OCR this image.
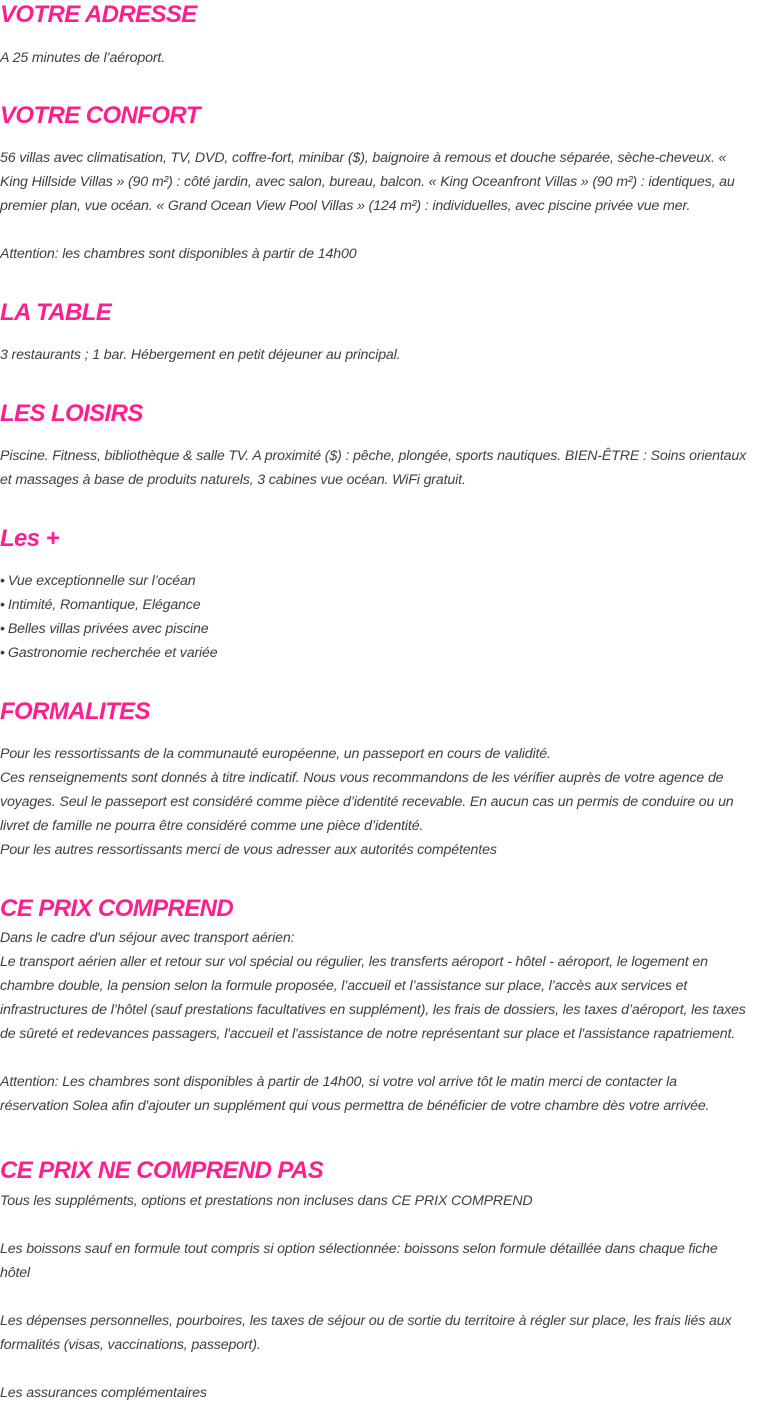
VOTRE ADRESSE

A 25 minutes de l’aéroport.

VOTRE CONFORT

56 villas avec climatisation, TV, DVD, coffre-fort, minibar ($), baignoire à remous et douche séparée, sèche-cheveux. «

King Hillside Villas » (90 m²) : côté jardin, avec salon, bureau, balcon. « King Oceanfront Villas » (90 m²) : identiques, au

premier plan, vue océan. « Grand Ocean View Pool Villas » (124 m²) : individuelles, avec piscine privée vue mer.

Attention: les chambres sont disponibles à partir de 14h00

LA TABLE

3 restaurants ; 1 bar. Hébergement en petit déjeuner au principal.

LES LOISIRS

Piscine. Fitness, bibliothèque & salle TV. A proximité ($) : pêche, plongée, sports nautiques. BIEN-ÊTRE : Soins orientaux

et massages à base de produits naturels, 3 cabines vue océan. WiFi gratuit.

Les +
• Vue exceptionnelle sur l’océan
• Intimité, Romantique, Elégance
• Belles villas privées avec piscine
• Gastronomie recherchée et variée
FORMALITES

Pour les ressortissants de la communauté européenne, un passeport en cours de validité.

Ces renseignements sont donnés à titre indicatif. Nous vous recommandons de les vérifier auprès de votre agence de

voyages. Seul le passeport est considéré comme pièce d’identité recevable. En aucun cas un permis de conduire ou un

livret de famille ne pourra être considéré comme une pièce d’identité.

Pour les autres ressortissants merci de vous adresser aux autorités compétentes

CE PRIX COMPREND

Dans le cadre d'un séjour avec transport aérien:

Le transport aérien aller et retour sur vol spécial ou régulier, les transferts aéroport - hôtel - aéroport, le logement en

chambre double, la pension selon la formule proposée, l’accueil et l’assistance sur place, l’accès aux services et

infrastructures de l’hôtel (sauf prestations facultatives en supplément), les frais de dossiers, les taxes d’aéroport, les taxes

de sûreté et redevances passagers, l'accueil et l'assistance de notre représentant sur place et l'assistance rapatriement.

Attention: Les chambres sont disponibles à partir de 14h00, si votre vol arrive tôt le matin merci de contacter la

réservation Solea afin d'ajouter un supplément qui vous permettra de bénéficier de votre chambre dès votre arrivée.

CE PRIX NE COMPREND PAS

Tous les suppléments, options et prestations non incluses dans CE PRIX COMPREND

Les boissons sauf en formule tout compris si option sélectionnée: boissons selon formule détaillée dans chaque fiche

hôtel

Les dépenses personnelles, pourboires, les taxes de séjour ou de sortie du territoire à régler sur place, les frais liés aux

formalités (visas, vaccinations, passeport).

Les assurances complémentaires
